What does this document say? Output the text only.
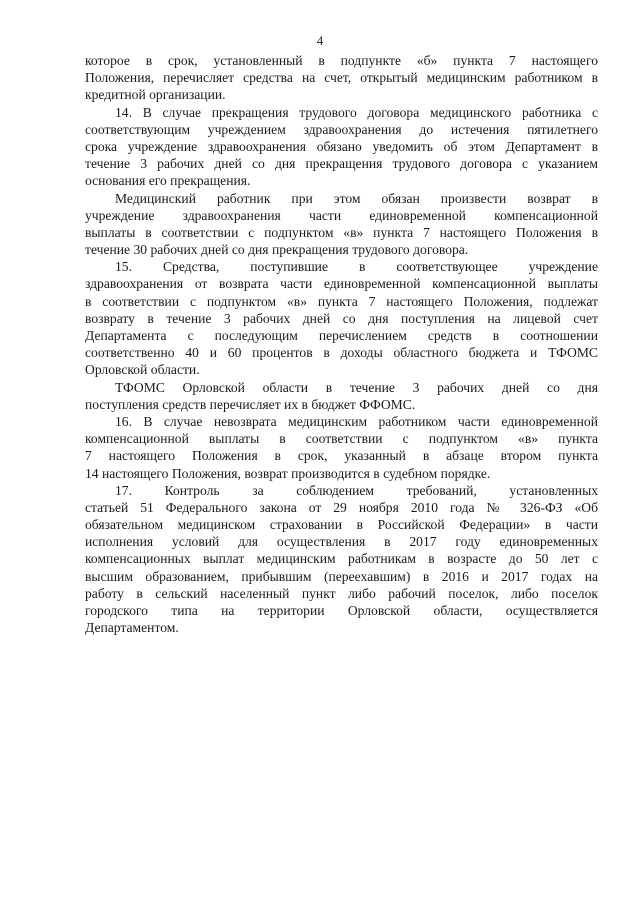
4
которое в срок, установленный в подпункте «б» пункта 7 настоящего
Положения, перечисляет средства на счет, открытый медицинским работником в
кредитной организации.
14. В случае прекращения трудового договора медицинского работника с
соответствующим учреждением здравоохранения до истечения пятилетнего
срока учреждение здравоохранения обязано уведомить об этом Департамент в
течение 3 рабочих дней со дня прекращения трудового договора с указанием
основания его прекращения.
Медицинский работник при этом обязан произвести возврат в
учреждение здравоохранения части единовременной компенсационной
выплаты в соответствии с подпунктом «в» пункта 7 настоящего Положения в
течение 30 рабочих дней со дня прекращения трудового договора.
15. Средства, поступившие в соответствующее учреждение
здравоохранения от возврата части единовременной компенсационной выплаты
в соответствии с подпунктом «в» пункта 7 настоящего Положения, подлежат
возврату в течение 3 рабочих дней со дня поступления на лицевой счет
Департамента с последующим перечислением средств в соотношении
соответственно 40 и 60 процентов в доходы областного бюджета и ТФОМС
Орловской области.
ТФОМС Орловской области в течение 3 рабочих дней со дня
поступления средств перечисляет их в бюджет ФФОМС.
16. В случае невозврата медицинским работником части единовременной
компенсационной выплаты в соответствии с подпунктом «в» пункта
7 настоящего Положения в срок, указанный в абзаце втором пункта
14 настоящего Положения, возврат производится в судебном порядке.
17. Контроль за соблюдением требований, установленных
статьей 51 Федерального закона от 29 ноября 2010 года № 326-ФЗ «Об
обязательном медицинском страховании в Российской Федерации» в части
исполнения условий для осуществления в 2017 году единовременных
компенсационных выплат медицинским работникам в возрасте до 50 лет с
высшим образованием, прибывшим (переехавшим) в 2016 и 2017 годах на
работу в сельский населенный пункт либо рабочий поселок, либо поселок
городского типа на территории Орловской области, осуществляется
Департаментом.
